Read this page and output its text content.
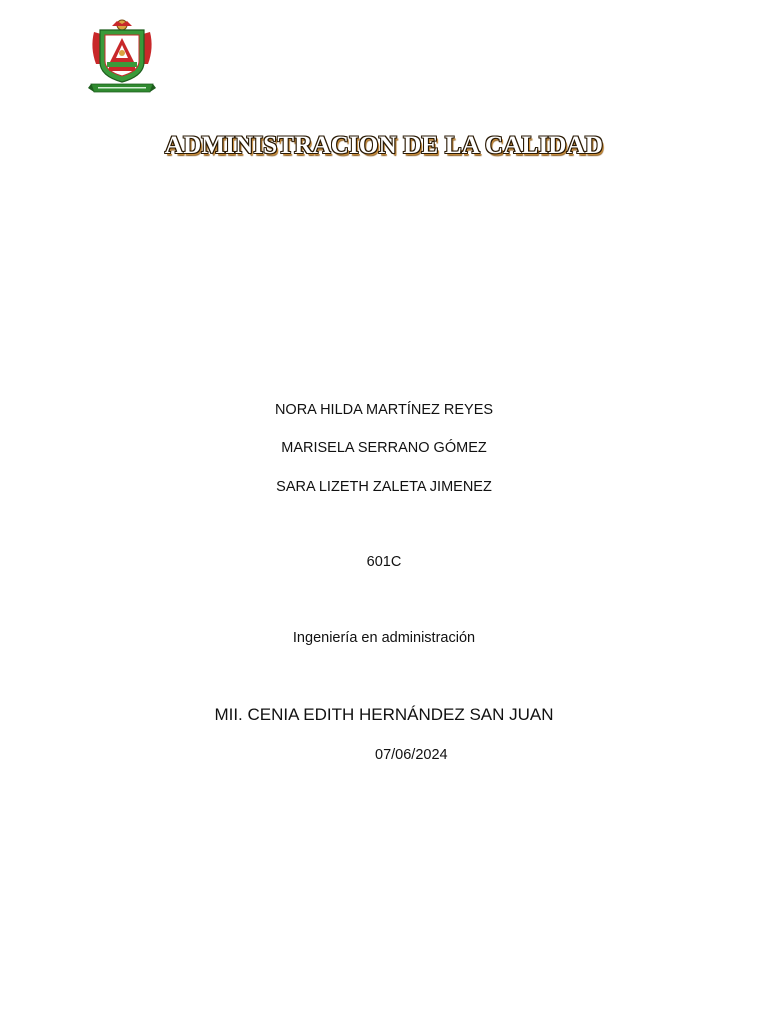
ADMINISTRACION DE LA CALIDAD
NORA HILDA MARTÍNEZ REYES
MARISELA SERRANO GÓMEZ
SARA LIZETH ZALETA JIMENEZ
601C
Ingeniería en administración
MII. CENIA EDITH HERNÁNDEZ SAN JUAN
07/06/2024
